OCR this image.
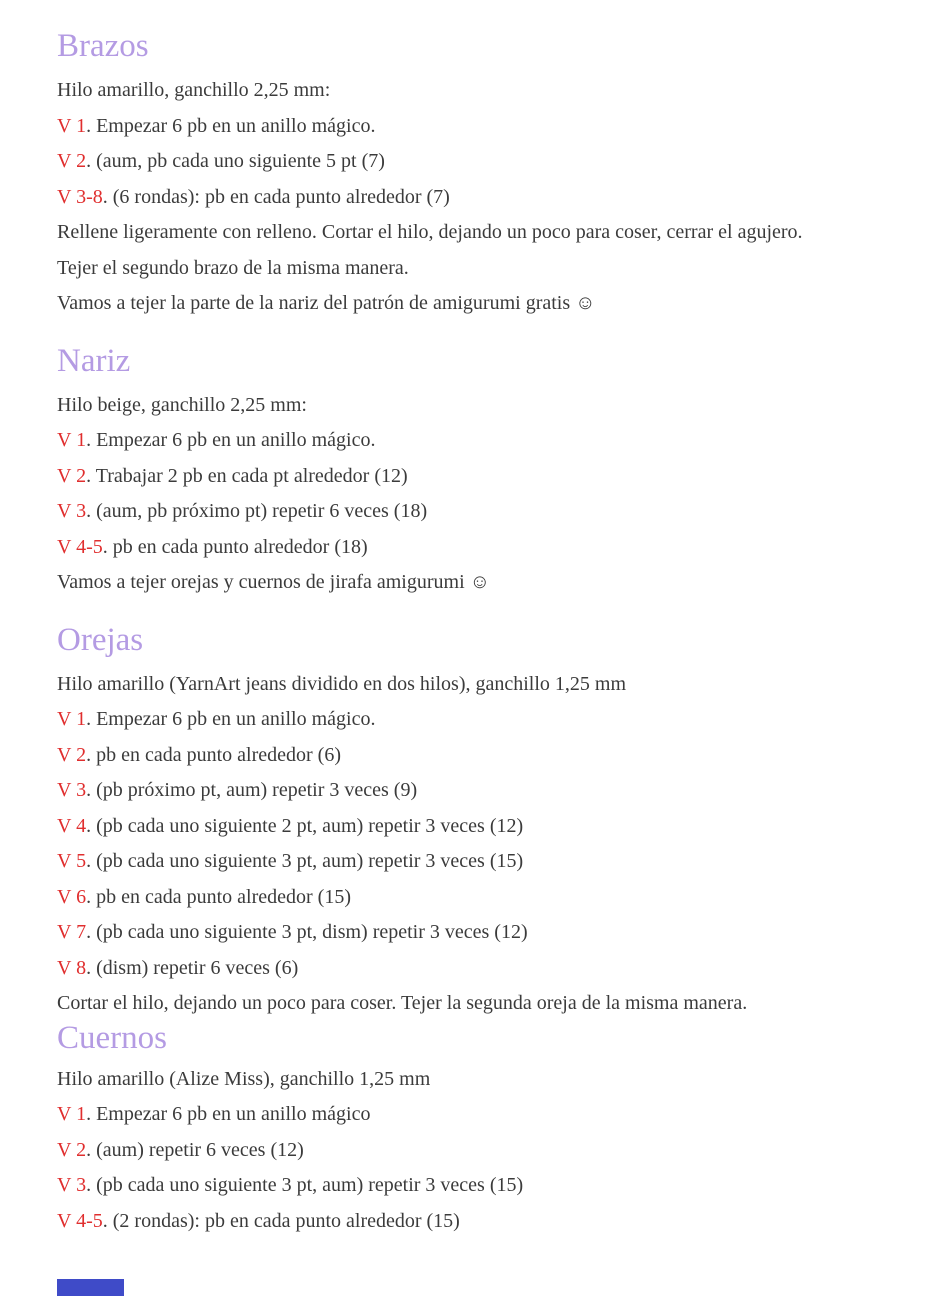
Brazos

Hilo amarillo, ganchillo 2,25 mm:

V 1. Empezar 6 pb en un anillo mágico.

V 2. (aum, pb cada uno siguiente 5 pt (7)

V 3-8. (6 rondas): pb en cada punto alrededor (7)

Rellene ligeramente con relleno. Cortar el hilo, dejando un poco para coser, cerrar el agujero.

Tejer el segundo brazo de la misma manera.

Vamos a tejer la parte de la nariz del patrón de amigurumi gratis ☺

Nariz

Hilo beige, ganchillo 2,25 mm:

V 1. Empezar 6 pb en un anillo mágico.

V 2. Trabajar 2 pb en cada pt alrededor (12)

V 3. (aum, pb próximo pt) repetir 6 veces (18)

V 4-5. pb en cada punto alrededor (18)

Vamos a tejer orejas y cuernos de jirafa amigurumi ☺

Orejas

Hilo amarillo (YarnArt jeans dividido en dos hilos), ganchillo 1,25 mm

V 1. Empezar 6 pb en un anillo mágico.

V 2. pb en cada punto alrededor (6)

V 3. (pb próximo pt, aum) repetir 3 veces (9)

V 4. (pb cada uno siguiente 2 pt, aum) repetir 3 veces (12)

V 5. (pb cada uno siguiente 3 pt, aum) repetir 3 veces (15)

V 6. pb en cada punto alrededor (15)

V 7. (pb cada uno siguiente 3 pt, dism) repetir 3 veces (12)

V 8. (dism) repetir 6 veces (6)

Cortar el hilo, dejando un poco para coser. Tejer la segunda oreja de la misma manera.

Cuernos

Hilo amarillo (Alize Miss), ganchillo 1,25 mm

V 1. Empezar 6 pb en un anillo mágico

V 2. (aum) repetir 6 veces (12)

V 3. (pb cada uno siguiente 3 pt, aum) repetir 3 veces (15)

V 4-5. (2 rondas): pb en cada punto alrededor (15)
